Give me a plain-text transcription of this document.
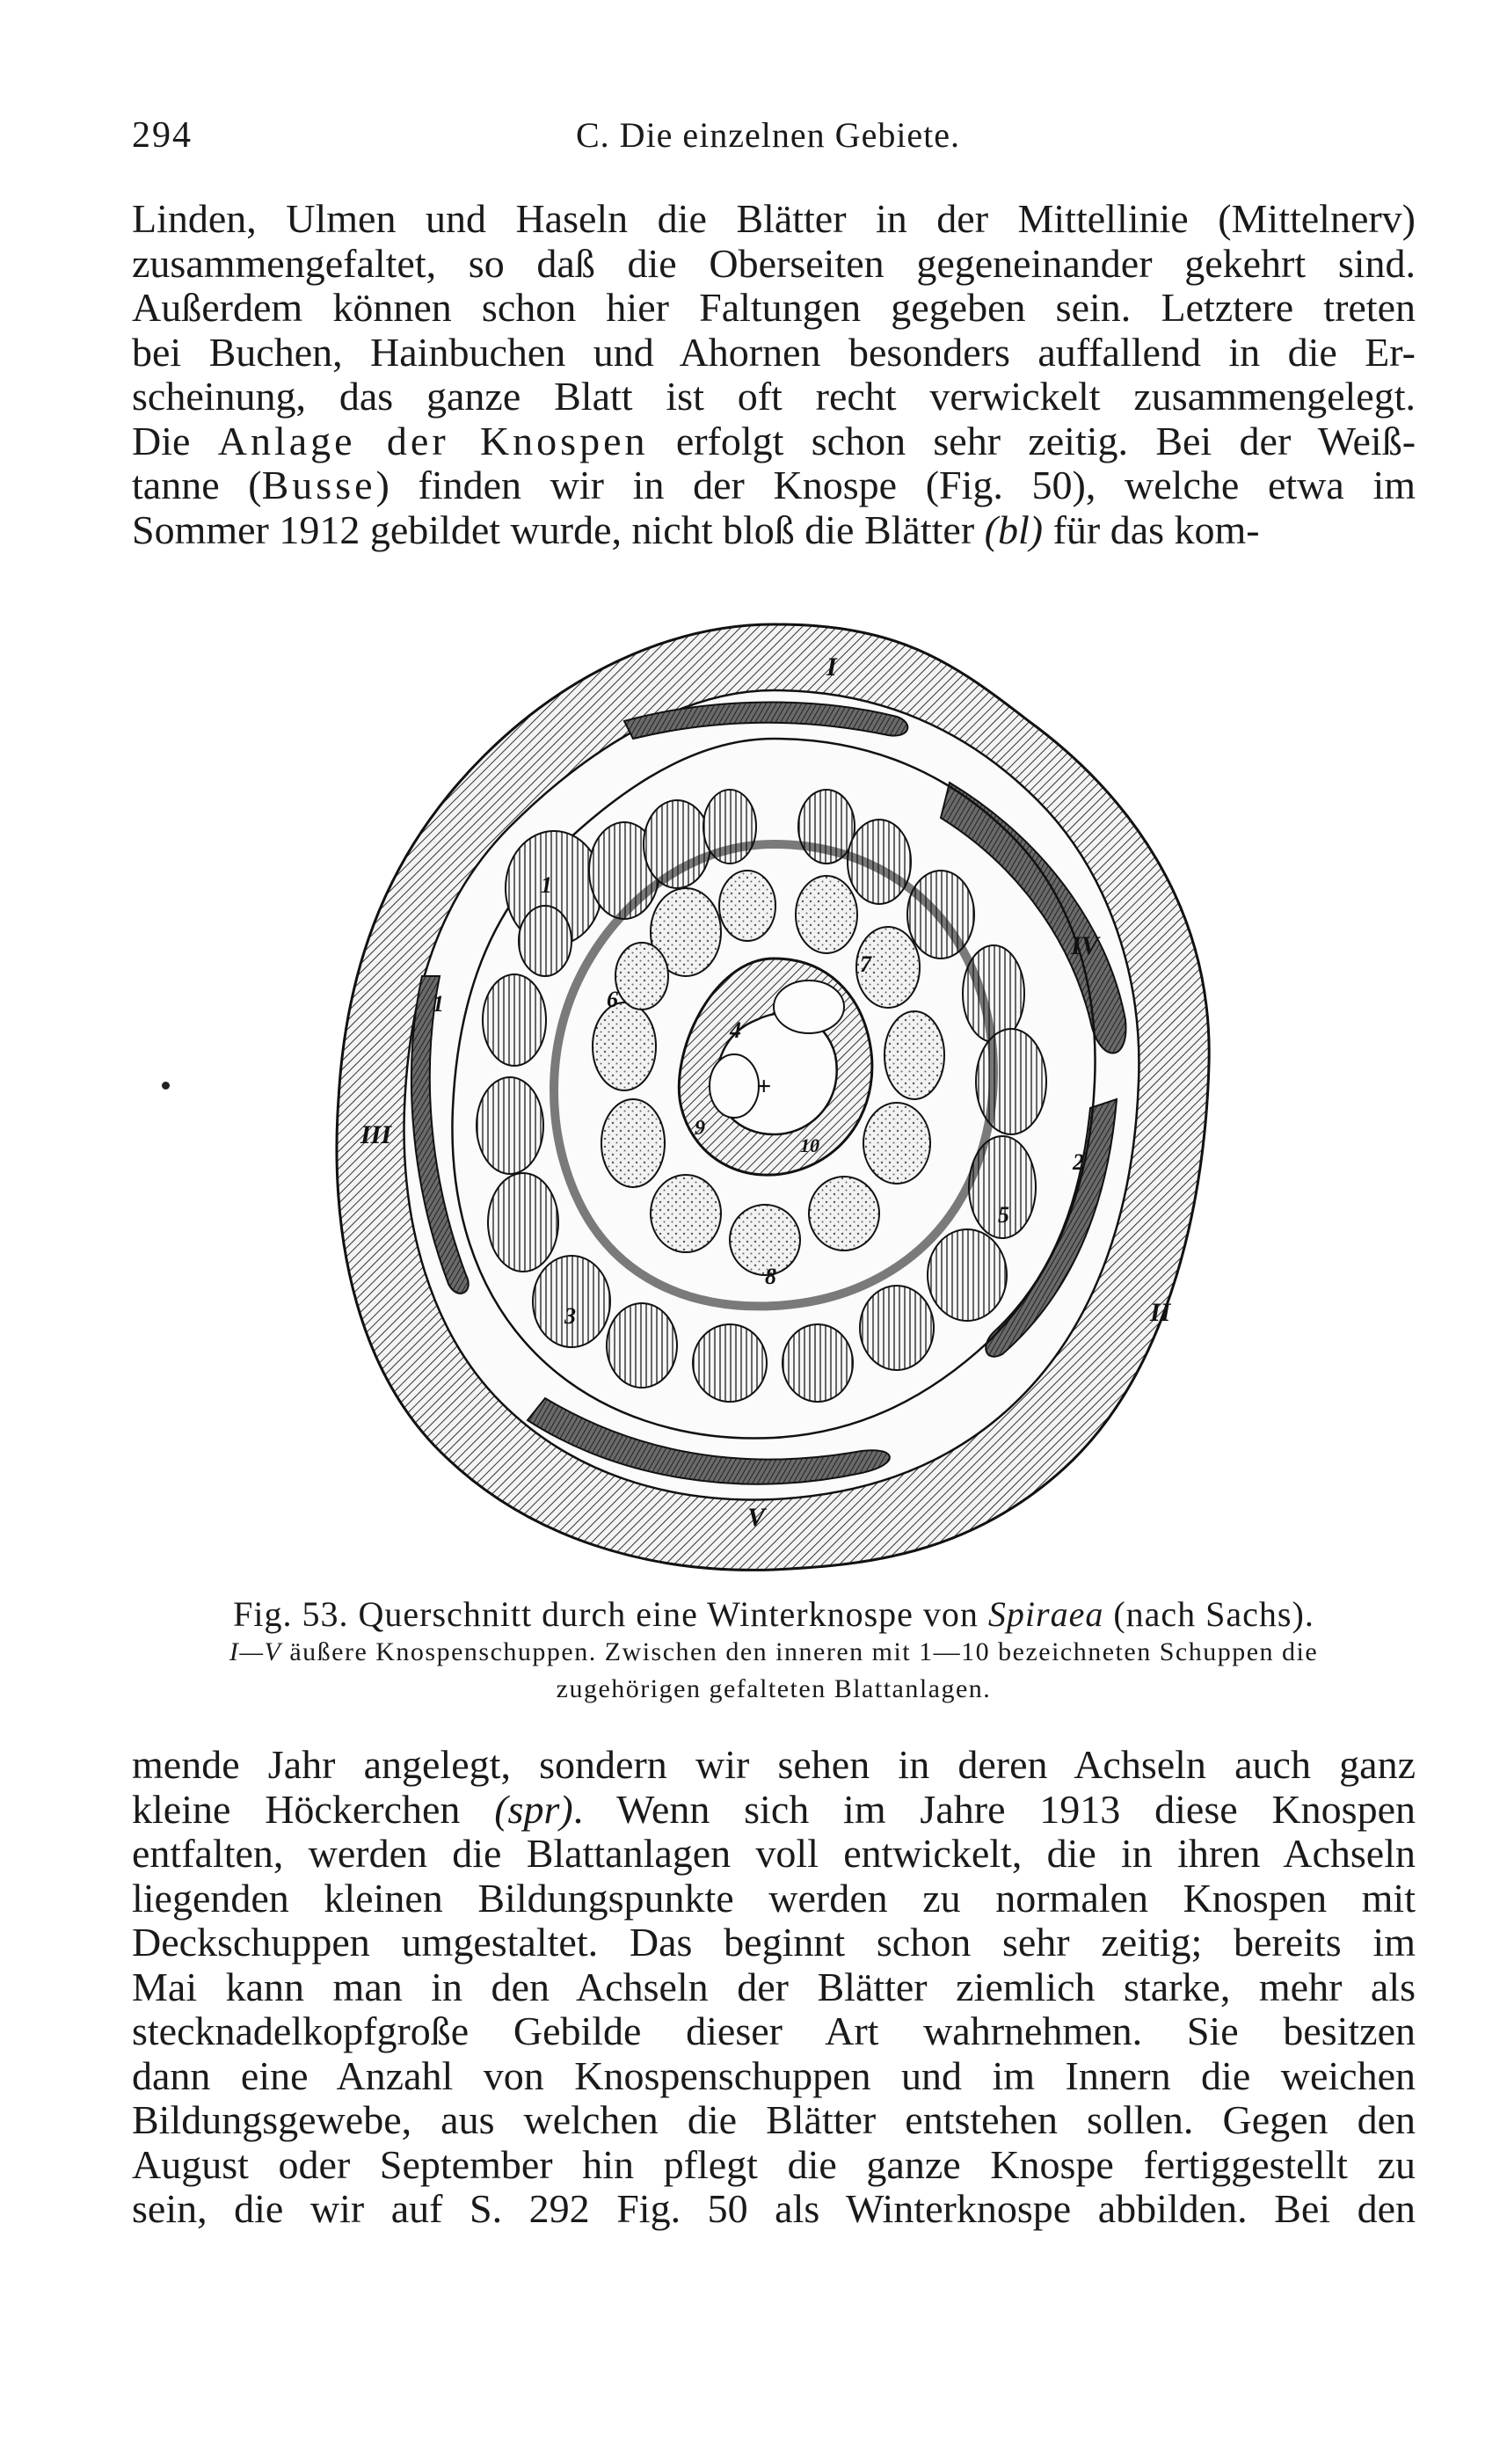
294	C. Die einzelnen Gebiete.
Linden, Ulmen und Haseln die Blätter in der Mittellinie (Mittelnerv)
zusammengefaltet, so daß die Oberseiten gegeneinander gekehrt sind.
Außerdem können schon hier Faltungen gegeben sein. Letztere treten
bei Buchen, Hainbuchen und Ahornen besonders auffallend in die Er-
scheinung, das ganze Blatt ist oft recht verwickelt zusammengelegt.
Die Anlage der Knospen erfolgt schon sehr zeitig. Bei der Weiß-
tanne (Busse) finden wir in der Knospe (Fig. 50), welche etwa im
Sommer 1912 gebildet wurde, nicht bloß die Blätter (bl) für das kom-
I
IV
II
V
III
1
1
2
3
4
5
6
7
8
9
10
+
Fig. 53. Querschnitt durch eine Winterknospe von Spiraea (nach Sachs).
I—V äußere Knospenschuppen. Zwischen den inneren mit 1—10 bezeichneten Schuppen die
zugehörigen gefalteten Blattanlagen.
mende Jahr angelegt, sondern wir sehen in deren Achseln auch ganz
kleine Höckerchen (spr). Wenn sich im Jahre 1913 diese Knospen
entfalten, werden die Blattanlagen voll entwickelt, die in ihren Achseln
liegenden kleinen Bildungspunkte werden zu normalen Knospen mit
Deckschuppen umgestaltet. Das beginnt schon sehr zeitig; bereits im
Mai kann man in den Achseln der Blätter ziemlich starke, mehr als
stecknadelkopfgroße Gebilde dieser Art wahrnehmen. Sie besitzen
dann eine Anzahl von Knospenschuppen und im Innern die weichen
Bildungsgewebe, aus welchen die Blätter entstehen sollen. Gegen den
August oder September hin pflegt die ganze Knospe fertiggestellt zu
sein, die wir auf S. 292 Fig. 50 als Winterknospe abbilden. Bei den
